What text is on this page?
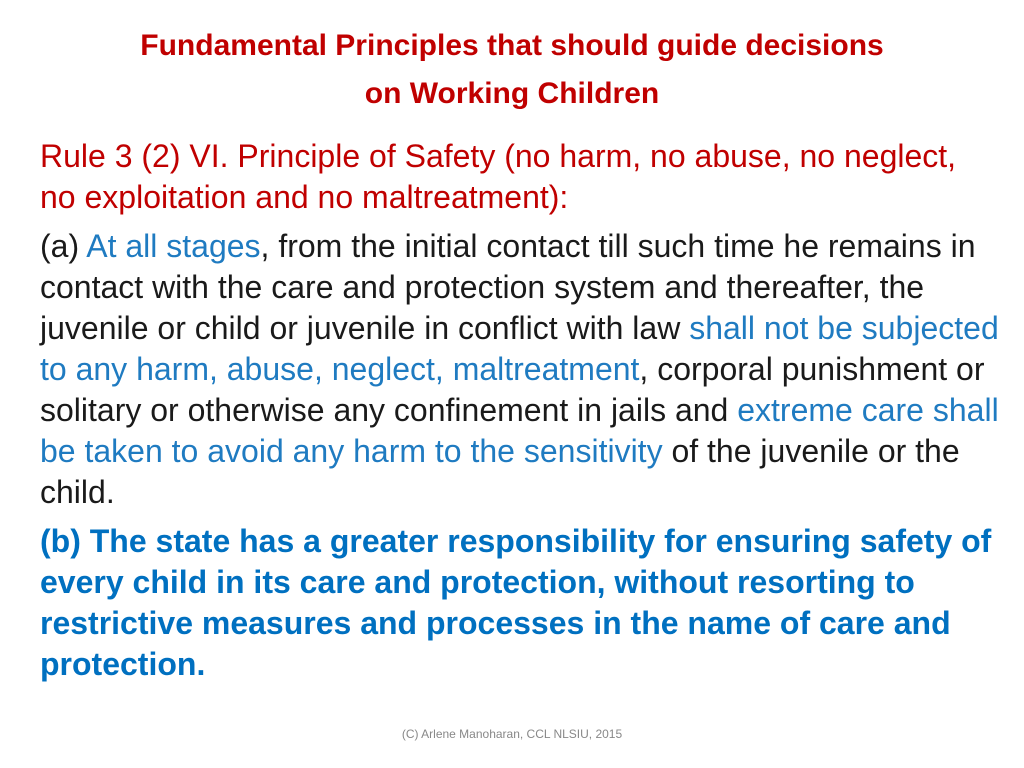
Fundamental Principles that should guide decisions
on Working Children

Rule 3 (2) VI. Principle of Safety (no harm, no abuse, no neglect, no exploitation and no maltreatment):

(a) At all stages, from the initial contact till such time he remains in contact with the care and protection system and thereafter, the juvenile or child or juvenile in conflict with law shall not be subjected to any harm, abuse, neglect, maltreatment, corporal punishment or solitary or otherwise any confinement in jails and extreme care shall be taken to avoid any harm to the sensitivity of the juvenile or the child.

(b) The state has a greater responsibility for ensuring safety of every child in its care and protection, without resorting to restrictive measures and processes in the name of care and protection.

(C) Arlene Manoharan, CCL NLSIU, 2015
